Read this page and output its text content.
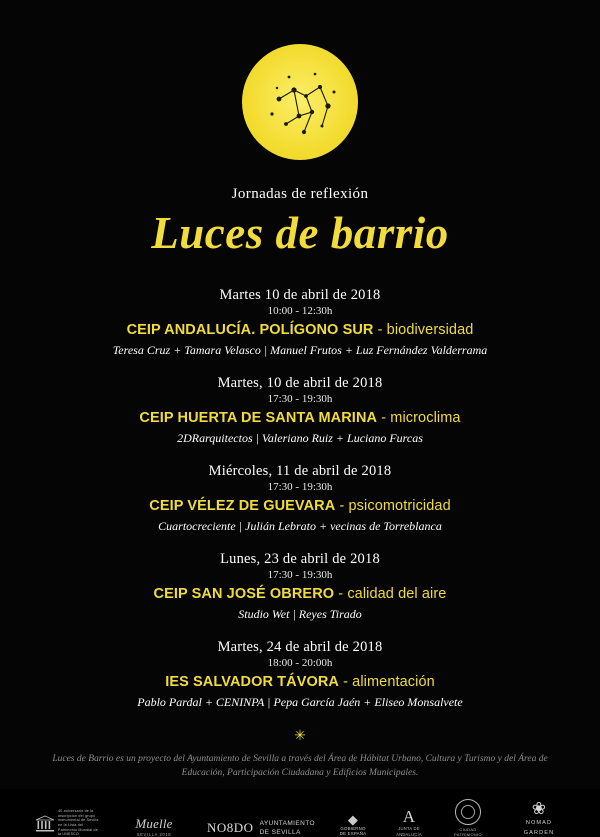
Jornadas de reflexión
Luces de barrio
Martes 10 de abril de 2018
10:00 - 12:30h
CEIP ANDALUCÍA. POLÍGONO SUR - biodiversidad
Teresa Cruz + Tamara Velasco | Manuel Frutos + Luz Fernández Valderrama
Martes, 10 de abril de 2018
17:30 - 19:30h
CEIP HUERTA DE SANTA MARINA - microclima
2DRarquitectos | Valeriano Ruiz + Luciano Furcas
Miércoles, 11 de abril de 2018
17:30 - 19:30h
CEIP VÉLEZ DE GUEVARA - psicomotricidad
Cuartocreciente | Julián Lebrato + vecinas de Torreblanca
Lunes, 23 de abril de 2018
17:30 - 19:30h
CEIP SAN JOSÉ OBRERO - calidad del aire
Studio Wet | Reyes Tirado
Martes, 24 de abril de 2018
18:00 - 20:00h
IES SALVADOR TÁVORA - alimentación
Pablo Pardal + CENINPA | Pepa García Jaén + Eliseo Monsalvete
✳
Luces de Barrio es un proyecto del Ayuntamiento de Sevilla a través del Área de Hábitat Urbano, Cultura y Turismo y del Área de Educación, Participación Ciudadana y Edificios Municipales.
40 aniversario de la inscripción del grupo monumental de Sevilla en la Lista del Patrimonio Mundial de la UNESCO
Muelle
SEVILLA 2018	NO8DO AYUNTAMIENTO
DE SEVILLA
◆
GOBIERNO
DE ESPAÑA
A
JUNTA DE ANDALUCÍA
CIUDAD PATRIMONIO
❀
NOMAD
GARDEN
